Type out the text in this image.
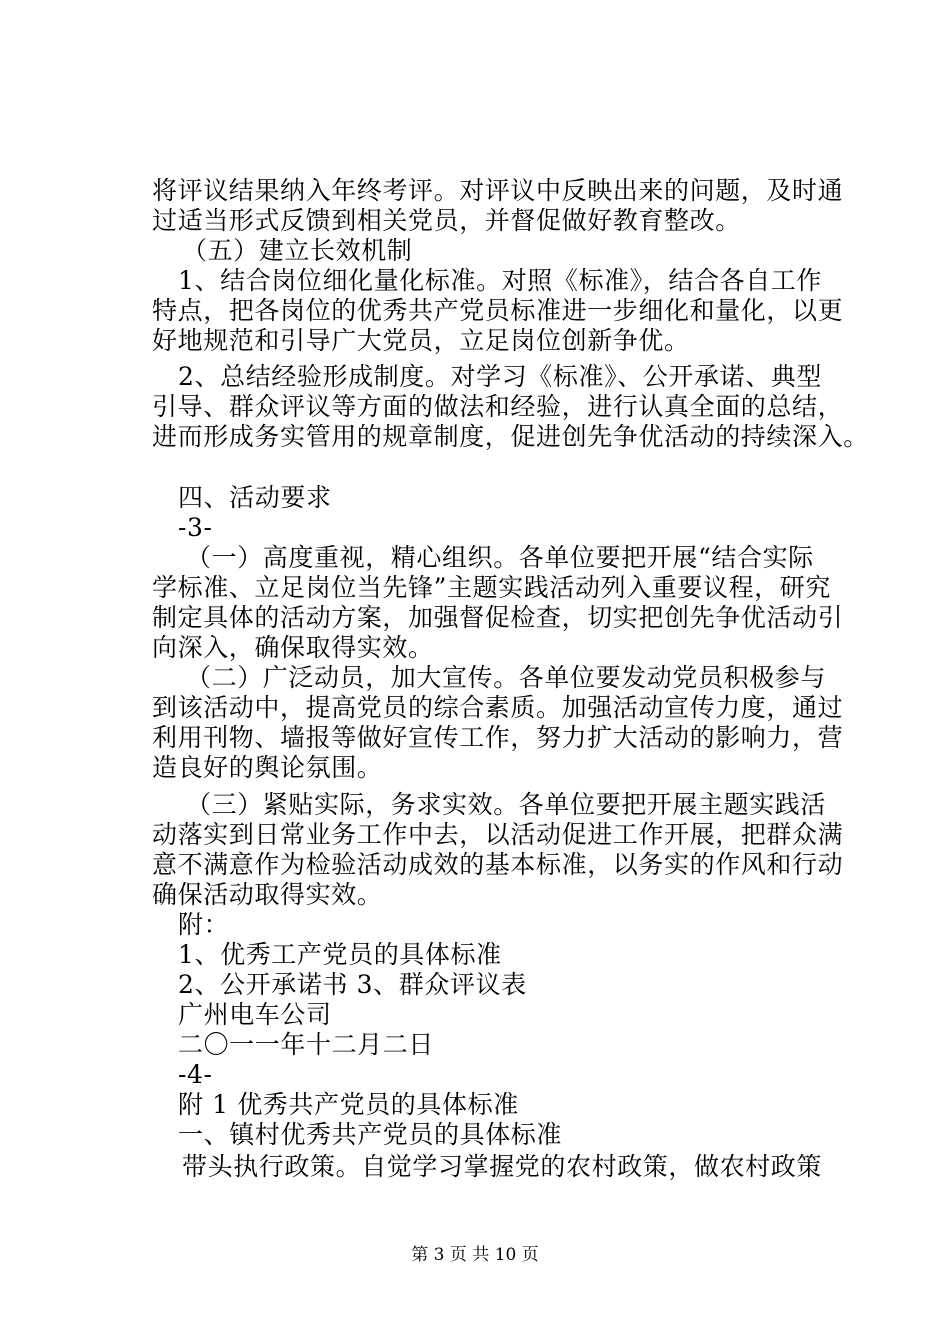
将评议结果纳入年终考评。对评议中反映出来的问题，及时通
过适当形式反馈到相关党员，并督促做好教育整改。
（五）建立长效机制
1、结合岗位细化量化标准。对照《标准》，结合各自工作
特点，把各岗位的优秀共产党员标准进一步细化和量化，以更
好地规范和引导广大党员，立足岗位创新争优。
2、总结经验形成制度。对学习《标准》、公开承诺、典型
引导、群众评议等方面的做法和经验，进行认真全面的总结，
进而形成务实管用的规章制度，促进创先争优活动的持续深入。
四、活动要求
-3-
（一）高度重视，精心组织。各单位要把开展“结合实际
学标准、立足岗位当先锋”主题实践活动列入重要议程，研究
制定具体的活动方案，加强督促检查，切实把创先争优活动引
向深入，确保取得实效。
（二）广泛动员，加大宣传。各单位要发动党员积极参与
到该活动中，提高党员的综合素质。加强活动宣传力度，通过
利用刊物、墙报等做好宣传工作，努力扩大活动的影响力，营
造良好的舆论氛围。
（三）紧贴实际，务求实效。各单位要把开展主题实践活
动落实到日常业务工作中去，以活动促进工作开展，把群众满
意不满意作为检验活动成效的基本标准，以务实的作风和行动
确保活动取得实效。
附：
1、优秀工产党员的具体标准
2、公开承诺书 3、群众评议表
广州电车公司
二〇一一年十二月二日
-4-
附 1 优秀共产党员的具体标准
一、镇村优秀共产党员的具体标准
带头执行政策。自觉学习掌握党的农村政策，做农村政策
第 3 页 共 10 页
